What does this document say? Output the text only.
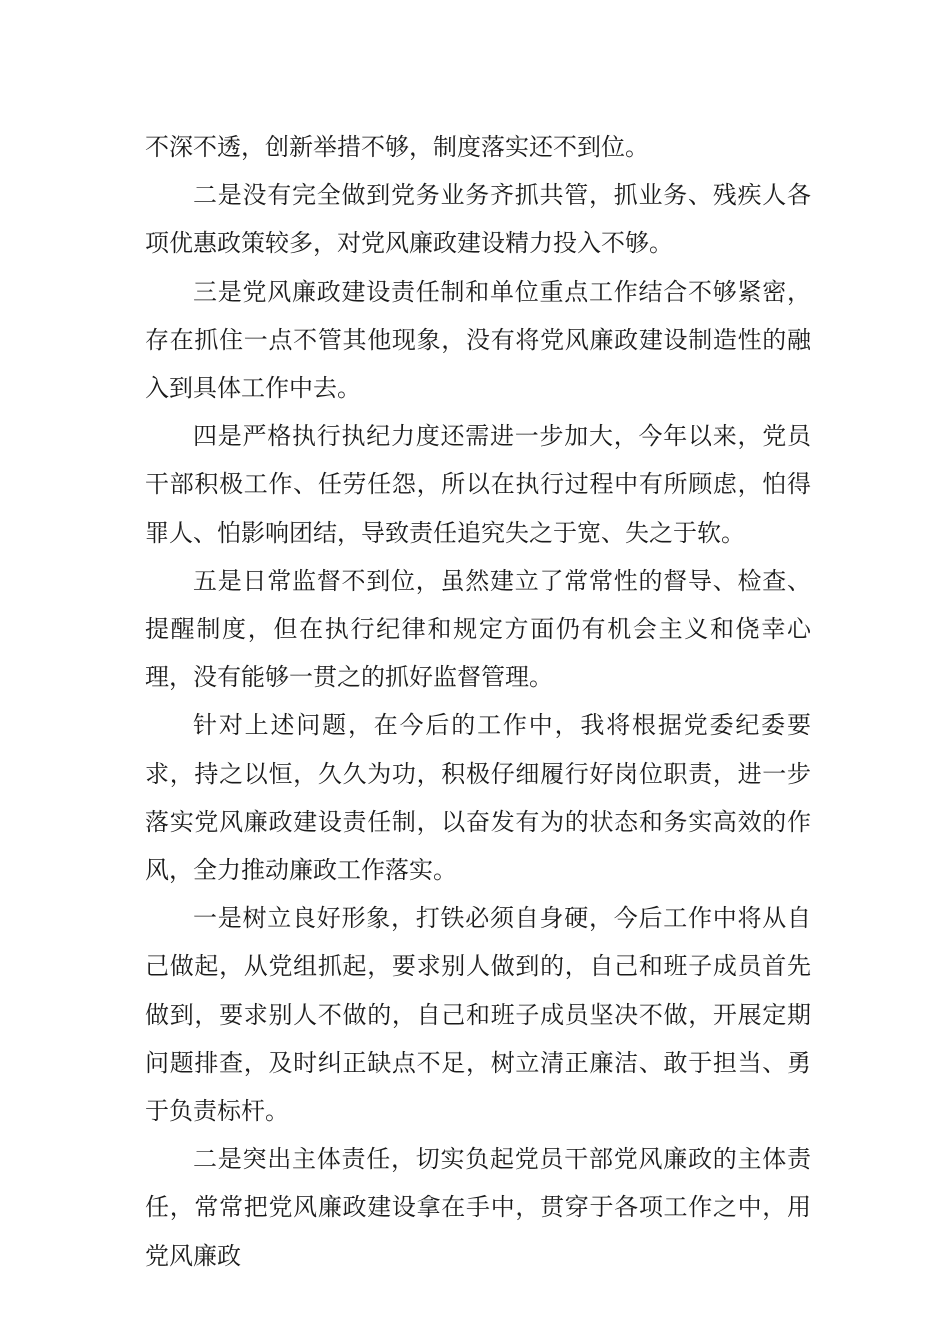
不深不透，创新举措不够，制度落实还不到位。

二是没有完全做到党务业务齐抓共管，抓业务、残疾人各项优惠政策较多，对党风廉政建设精力投入不够。

三是党风廉政建设责任制和单位重点工作结合不够紧密，存在抓住一点不管其他现象，没有将党风廉政建设制造性的融入到具体工作中去。

四是严格执行执纪力度还需进一步加大，今年以来，党员干部积极工作、任劳任怨，所以在执行过程中有所顾虑，怕得罪人、怕影响团结，导致责任追究失之于宽、失之于软。

五是日常监督不到位，虽然建立了常常性的督导、检查、提醒制度，但在执行纪律和规定方面仍有机会主义和侥幸心理，没有能够一贯之的抓好监督管理。

针对上述问题，在今后的工作中，我将根据党委纪委要求，持之以恒，久久为功，积极仔细履行好岗位职责，进一步落实党风廉政建设责任制，以奋发有为的状态和务实高效的作风，全力推动廉政工作落实。

一是树立良好形象，打铁必须自身硬，今后工作中将从自己做起，从党组抓起，要求别人做到的，自己和班子成员首先做到，要求别人不做的，自己和班子成员坚决不做，开展定期问题排查，及时纠正缺点不足，树立清正廉洁、敢于担当、勇于负责标杆。

二是突出主体责任，切实负起党员干部党风廉政的主体责任，常常把党风廉政建设拿在手中，贯穿于各项工作之中，用党风廉政
